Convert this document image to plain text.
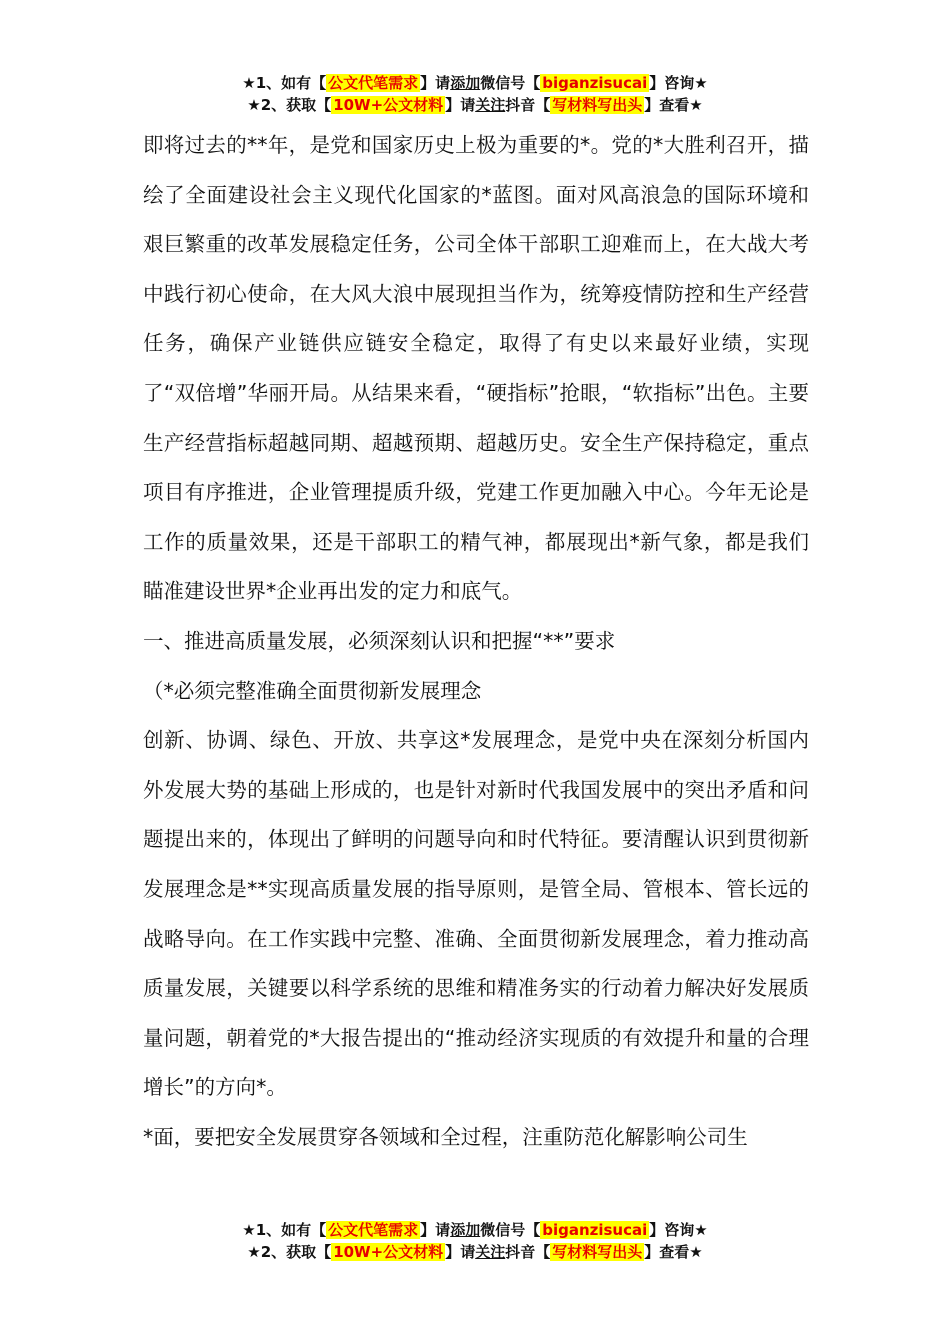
★1、如有【 公文代笔需求 】请添加微信号【 biganzisucai 】咨询★
★2、获取【 10W+公文材料 】请关注抖音【 写材料写出头 】查看★

即将过去的**年，是党和国家历史上极为重要的*。党的*大胜利召开，描绘了全面建设社会主义现代化国家的*蓝图。面对风高浪急的国际环境和艰巨繁重的改革发展稳定任务，公司全体干部职工迎难而上，在大战大考中践行初心使命，在大风大浪中展现担当作为，统筹疫情防控和生产经营任务，确保产业链供应链安全稳定，取得了有史以来最好业绩，实现了“双倍增”华丽开局。从结果来看，“硬指标”抢眼，“软指标”出色。主要生产经营指标超越同期、超越预期、超越历史。安全生产保持稳定，重点项目有序推进，企业管理提质升级，党建工作更加融入中心。今年无论是工作的质量效果，还是干部职工的精气神，都展现出*新气象，都是我们瞄准建设世界*企业再出发的定力和底气。

一、推进高质量发展，必须深刻认识和把握“**”要求

（*必须完整准确全面贯彻新发展理念

创新、协调、绿色、开放、共享这*发展理念，是党中央在深刻分析国内外发展大势的基础上形成的，也是针对新时代我国发展中的突出矛盾和问题提出来的，体现出了鲜明的问题导向和时代特征。要清醒认识到贯彻新发展理念是**实现高质量发展的指导原则，是管全局、管根本、管长远的战略导向。在工作实践中完整、准确、全面贯彻新发展理念，着力推动高质量发展，关键要以科学系统的思维和精准务实的行动着力解决好发展质量问题，朝着党的*大报告提出的“推动经济实现质的有效提升和量的合理增长”的方向*。

*面，要把安全发展贯穿各领域和全过程，注重防范化解影响公司生

★1、如有【 公文代笔需求 】请添加微信号【 biganzisucai 】咨询★
★2、获取【 10W+公文材料 】请关注抖音【 写材料写出头 】查看★
